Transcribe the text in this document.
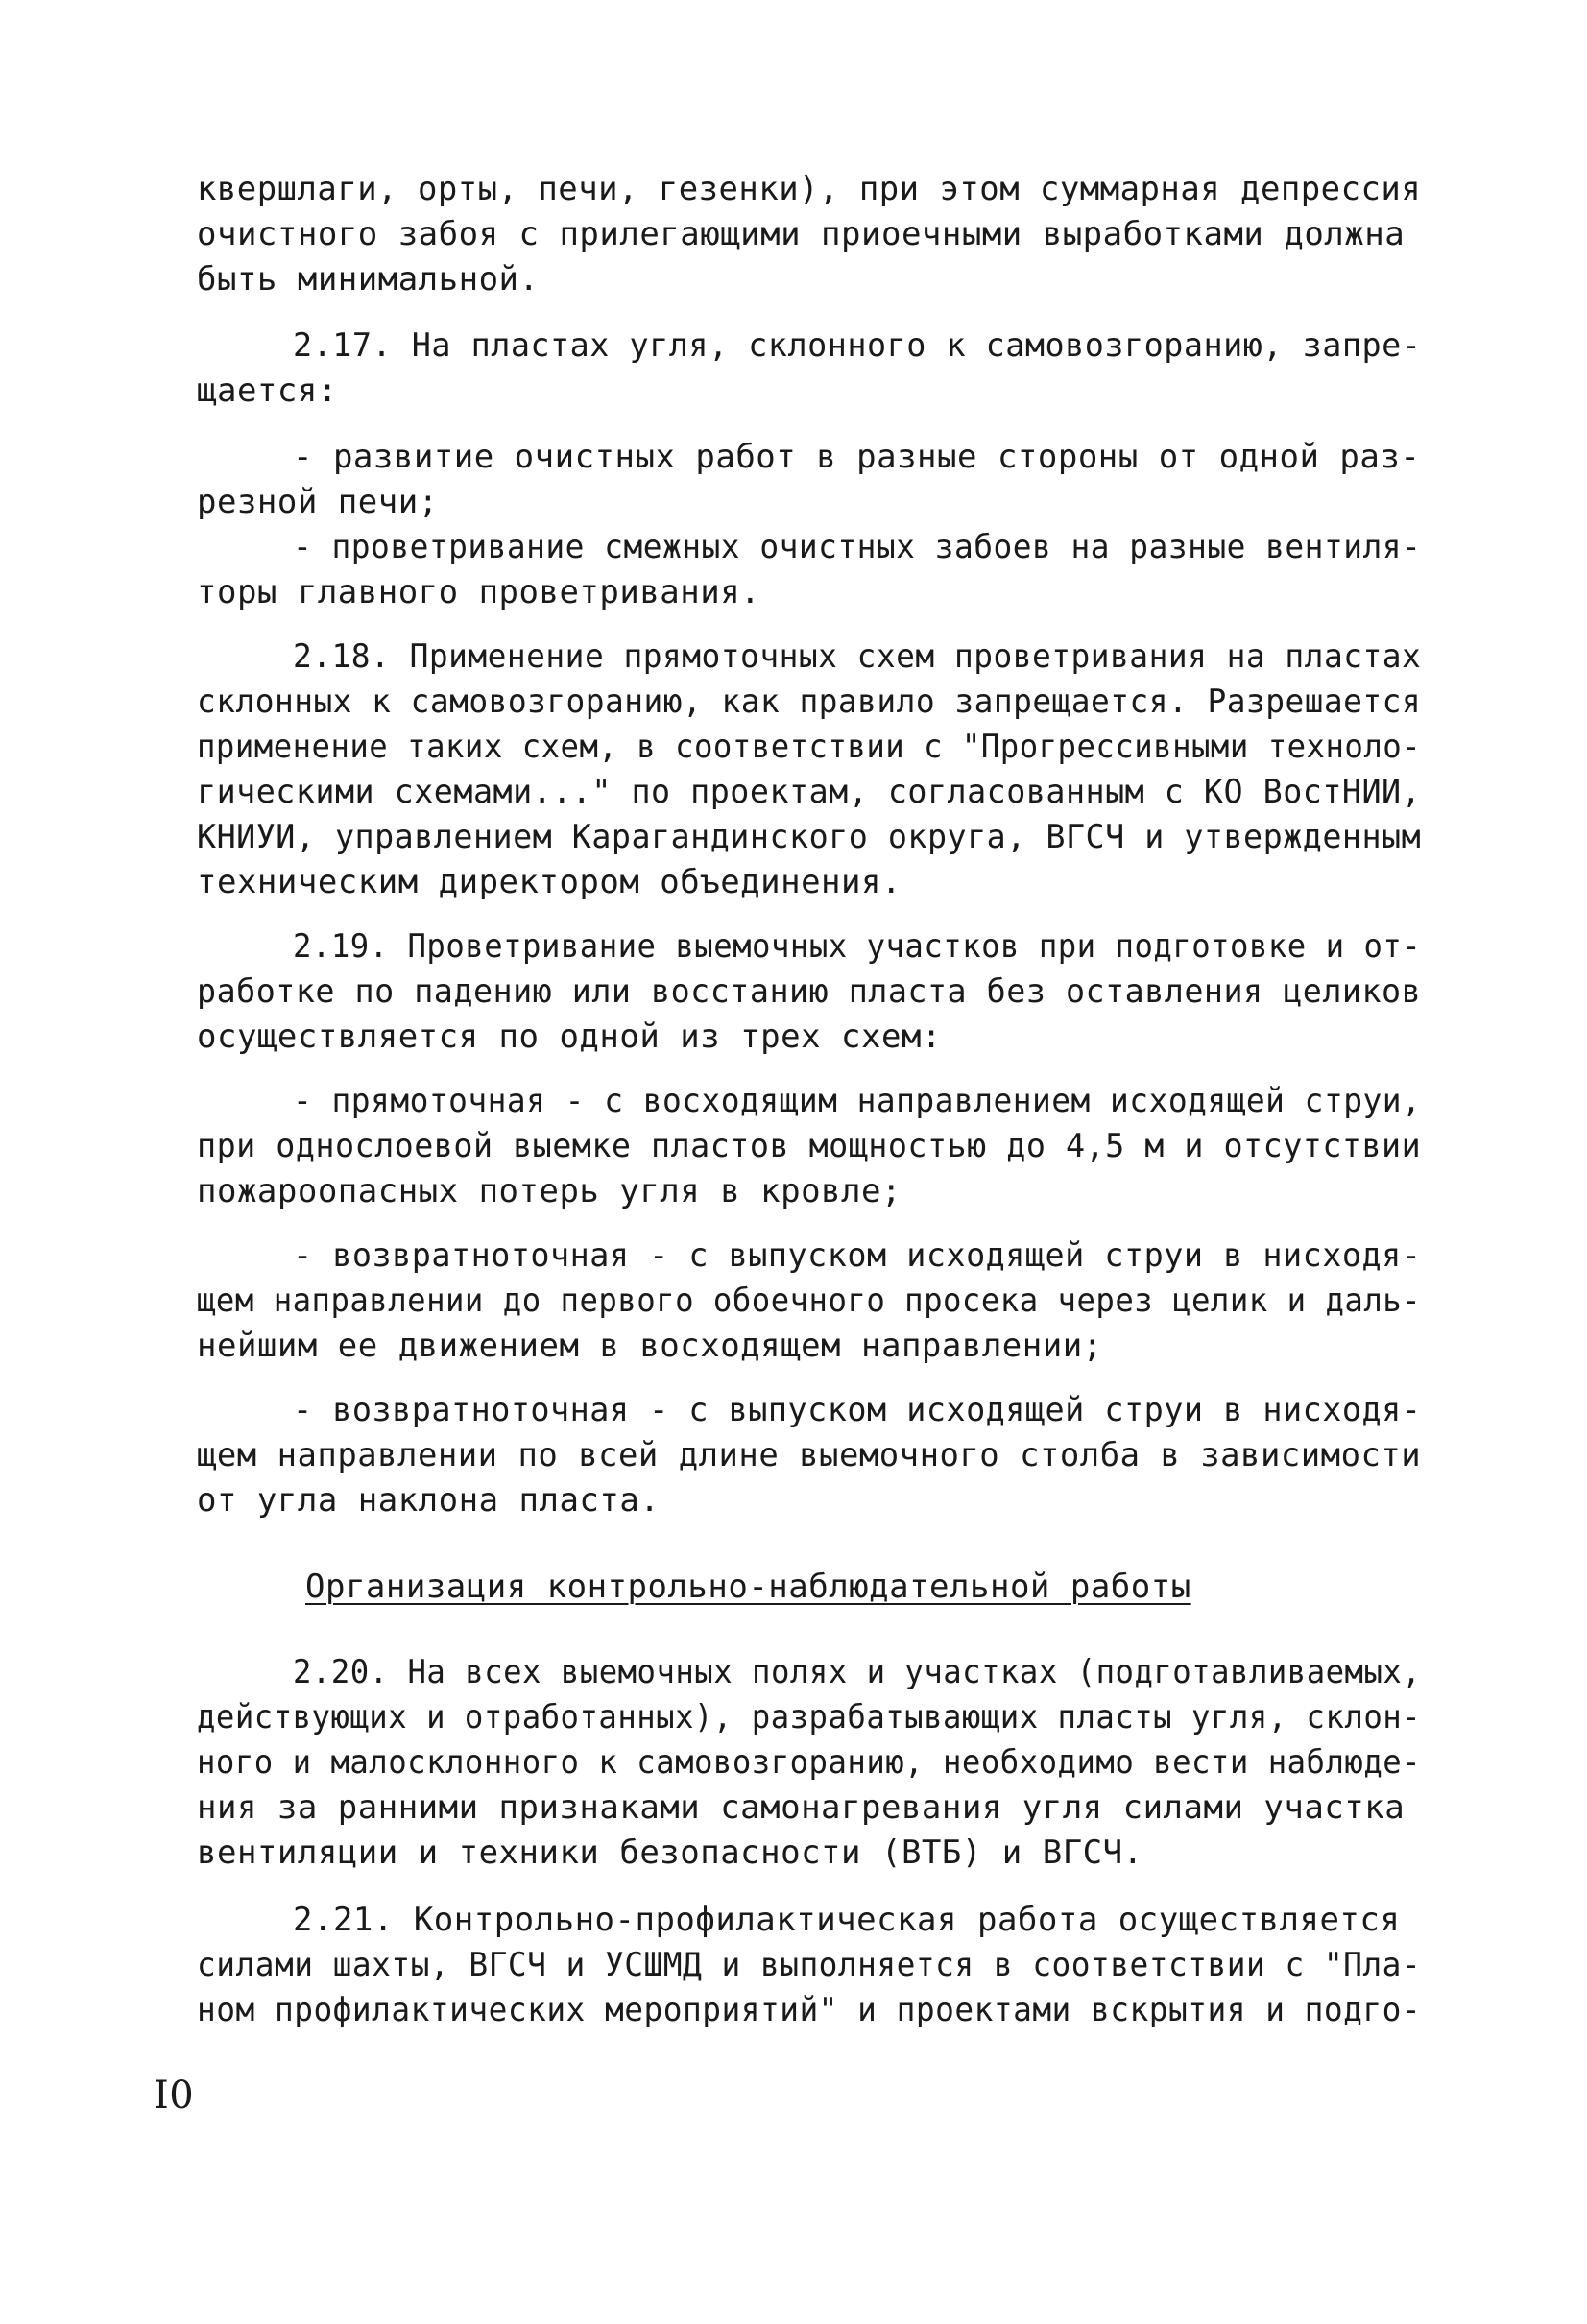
квершлаги, орты, печи, гезенки), при этом суммарная депрессия
очистного забоя с прилегающими приоечными выработками должна
быть минимальной.
2.17. На пластах угля, склонного к самовозгоранию, запре-
щается:
- развитие очистных работ в разные стороны от одной раз-
резной печи;
- проветривание смежных очистных забоев на разные вентиля-
торы главного проветривания.
2.18. Применение прямоточных схем проветривания на пластах
склонных к самовозгоранию, как правило запрещается. Разрешается
применение таких схем, в соответствии с "Прогрессивными техноло-
гическими схемами..." по проектам, согласованным с КО ВостНИИ,
КНИУИ, управлением Карагандинского округа, ВГСЧ и утвержденным
техническим директором объединения.
2.19. Проветривание выемочных участков при подготовке и от-
работке по падению или восстанию пласта без оставления целиков
осуществляется по одной из трех схем:
- прямоточная - с восходящим направлением исходящей струи,
при однослоевой выемке пластов мощностью до 4,5 м и отсутствии
пожароопасных потерь угля в кровле;
- возвратноточная - с выпуском исходящей струи в нисходя-
щем направлении до первого обоечного просека через целик и даль-
нейшим ее движением в восходящем направлении;
- возвратноточная - с выпуском исходящей струи в нисходя-
щем направлении по всей длине выемочного столба в зависимости
от угла наклона пласта.
Организация контрольно-наблюдательной работы
2.20. На всех выемочных полях и участках (подготавливаемых,
действующих и отработанных), разрабатывающих пласты угля, склон-
ного и малосклонного к самовозгоранию, необходимо вести наблюде-
ния за ранними признаками самонагревания угля силами участка
вентиляции и техники безопасности (ВТБ) и ВГСЧ.
2.21. Контрольно-профилактическая работа осуществляется
силами шахты, ВГСЧ и УСШМД и выполняется в соответствии с "Пла-
ном профилактических мероприятий" и проектами вскрытия и подго-
I0
